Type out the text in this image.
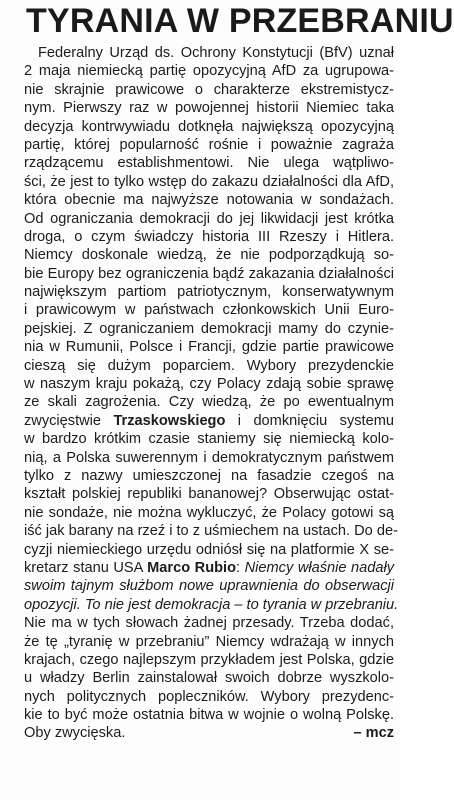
TYRANIA W PRZEBRANIU
Federalny Urząd ds. Ochrony Konstytucji (BfV) uznał
2 maja niemiecką partię opozycyjną AfD za ugrupowa-
nie skrajnie prawicowe o charakterze ekstremistycz-
nym. Pierwszy raz w powojennej historii Niemiec taka
decyzja kontrwywiadu dotknęła największą opozycyjną
partię, której popularność rośnie i poważnie zagraża
rządzącemu establishmentowi. Nie ulega wątpliwo-
ści, że jest to tylko wstęp do zakazu działalności dla AfD,
która obecnie ma najwyższe notowania w sondażach.
Od ograniczania demokracji do jej likwidacji jest krótka
droga, o czym świadczy historia III Rzeszy i Hitlera.
Niemcy doskonale wiedzą, że nie podporządkują so-
bie Europy bez ograniczenia bądź zakazania działalności
największym partiom patriotycznym, konserwatywnym
i prawicowym w państwach członkowskich Unii Euro-
pejskiej. Z ograniczaniem demokracji mamy do czynie-
nia w Rumunii, Polsce i Francji, gdzie partie prawicowe
cieszą się dużym poparciem. Wybory prezydenckie
w naszym kraju pokażą, czy Polacy zdają sobie sprawę
ze skali zagrożenia. Czy wiedzą, że po ewentualnym
zwycięstwie Trzaskowskiego i domknięciu systemu
w bardzo krótkim czasie staniemy się niemiecką kolo-
nią, a Polska suwerennym i demokratycznym państwem
tylko z nazwy umieszczonej na fasadzie czegoś na
kształt polskiej republiki bananowej? Obserwując ostat-
nie sondaże, nie można wykluczyć, że Polacy gotowi są
iść jak barany na rzeź i to z uśmiechem na ustach. Do de-
cyzji niemieckiego urzędu odniósł się na platformie X se-
kretarz stanu USA Marco Rubio: Niemcy właśnie nadały
swoim tajnym służbom nowe uprawnienia do obserwacji
opozycji. To nie jest demokracja – to tyrania w przebraniu.
Nie ma w tych słowach żadnej przesady. Trzeba dodać,
że tę „tyranię w przebraniu” Niemcy wdrażają w innych
krajach, czego najlepszym przykładem jest Polska, gdzie
u władzy Berlin zainstalował swoich dobrze wyszkolo-
nych politycznych popleczników. Wybory prezydenc-
kie to być może ostatnia bitwa w wojnie o wolną Polskę.
Oby zwycięska.	– mcz
